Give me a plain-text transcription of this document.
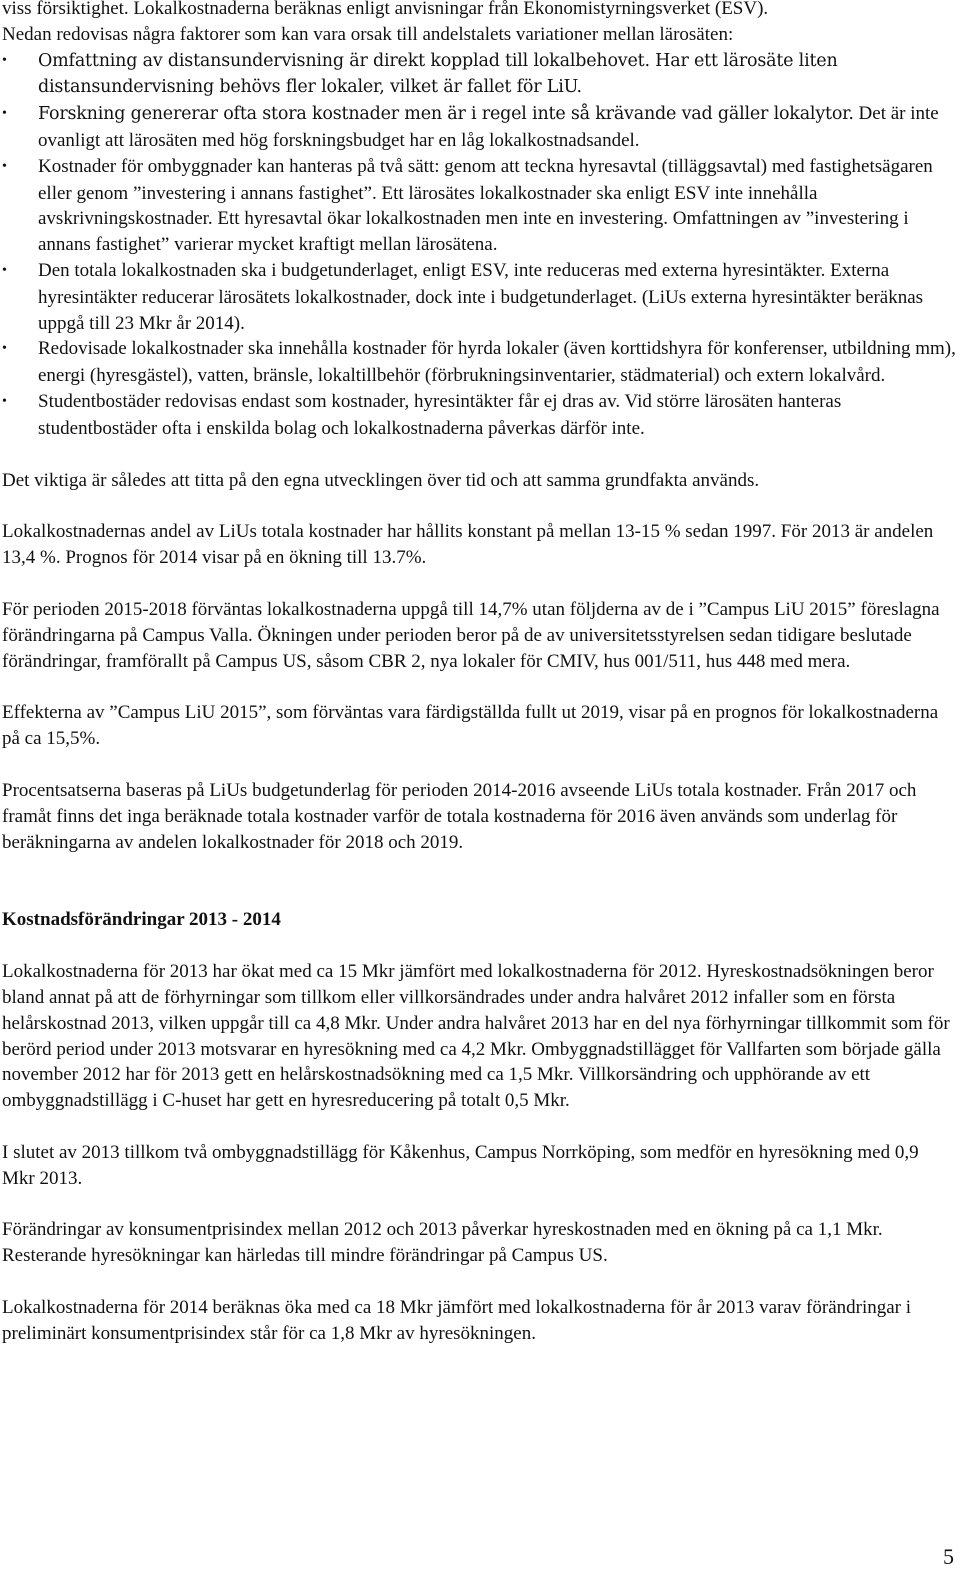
viss försiktighet. Lokalkostnaderna beräknas enligt anvisningar från Ekonomistyrningsverket (ESV).

Nedan redovisas några faktorer som kan vara orsak till andelstalets variationer mellan lärosäten:

• Omfattning av distansundervisning är direkt kopplad till lokalbehovet. Har ett lärosäte liten distansundervisning behövs fler lokaler, vilket är fallet för LiU.
• Forskning genererar ofta stora kostnader men är i regel inte så krävande vad gäller lokalytor. Det är inte ovanligt att lärosäten med hög forskningsbudget har en låg lokalkostnadsandel.
• Kostnader för ombyggnader kan hanteras på två sätt: genom att teckna hyresavtal (tilläggsavtal) med fastighetsägaren eller genom ”investering i annans fastighet”. Ett lärosätes lokalkostnader ska enligt ESV inte innehålla avskrivningskostnader. Ett hyresavtal ökar lokalkostnaden men inte en investering. Omfattningen av ”investering i annans fastighet” varierar mycket kraftigt mellan lärosätena.
• Den totala lokalkostnaden ska i budgetunderlaget, enligt ESV, inte reduceras med externa hyresintäkter. Externa hyresintäkter reducerar lärosätets lokalkostnader, dock inte i budgetunderlaget. (LiUs externa hyresintäkter beräknas uppgå till 23 Mkr år 2014).
• Redovisade lokalkostnader ska innehålla kostnader för hyrda lokaler (även korttidshyra för konferenser, utbildning mm), energi (hyresgästel), vatten, bränsle, lokaltillbehör (förbrukningsinventarier, städmaterial) och extern lokalvård.
• Studentbostäder redovisas endast som kostnader, hyresintäkter får ej dras av. Vid större lärosäten hanteras studentbostäder ofta i enskilda bolag och lokalkostnaderna påverkas därför inte.

Det viktiga är således att titta på den egna utvecklingen över tid och att samma grundfakta används.

Lokalkostnadernas andel av LiUs totala kostnader har hållits konstant på mellan 13-15 % sedan 1997. För 2013 är andelen 13,4 %. Prognos för 2014 visar på en ökning till 13.7%.

För perioden 2015-2018 förväntas lokalkostnaderna uppgå till 14,7% utan följderna av de i ”Campus LiU 2015” föreslagna förändringarna på Campus Valla. Ökningen under perioden beror på de av universitetsstyrelsen sedan tidigare beslutade förändringar, framförallt på Campus US, såsom CBR 2, nya lokaler för CMIV, hus 001/511, hus 448 med mera.

Effekterna av ”Campus LiU 2015”, som förväntas vara färdigställda fullt ut 2019, visar på en prognos för lokalkostnaderna på ca 15,5%.

Procentsatserna baseras på LiUs budgetunderlag för perioden 2014-2016 avseende LiUs totala kostnader. Från 2017 och framåt finns det inga beräknade totala kostnader varför de totala kostnaderna för 2016 även används som underlag för beräkningarna av andelen lokalkostnader för 2018 och 2019.

Kostnadsförändringar 2013 - 2014

Lokalkostnaderna för 2013 har ökat med ca 15 Mkr jämfört med lokalkostnaderna för 2012. Hyreskostnadsökningen beror bland annat på att de förhyrningar som tillkom eller villkorsändrades under andra halvåret 2012 infaller som en första helårskostnad 2013, vilken uppgår till ca 4,8 Mkr. Under andra halvåret 2013 har en del nya förhyrningar tillkommit som för berörd period under 2013 motsvarar en hyresökning med ca 4,2 Mkr. Ombyggnadstillägget för Vallfarten som började gälla november 2012 har för 2013 gett en helårskostnadsökning med ca 1,5 Mkr. Villkorsändring och upphörande av ett ombyggnadstillägg i C-huset har gett en hyresreducering på totalt 0,5 Mkr.

I slutet av 2013 tillkom två ombyggnadstillägg för Kåkenhus, Campus Norrköping, som medför en hyresökning med 0,9 Mkr 2013.

Förändringar av konsumentprisindex mellan 2012 och 2013 påverkar hyreskostnaden med en ökning på ca 1,1 Mkr. Resterande hyresökningar kan härledas till mindre förändringar på Campus US.

Lokalkostnaderna för 2014 beräknas öka med ca 18 Mkr jämfört med lokalkostnaderna för år 2013 varav förändringar i preliminärt konsumentprisindex står för ca 1,8 Mkr av hyresökningen.

5
